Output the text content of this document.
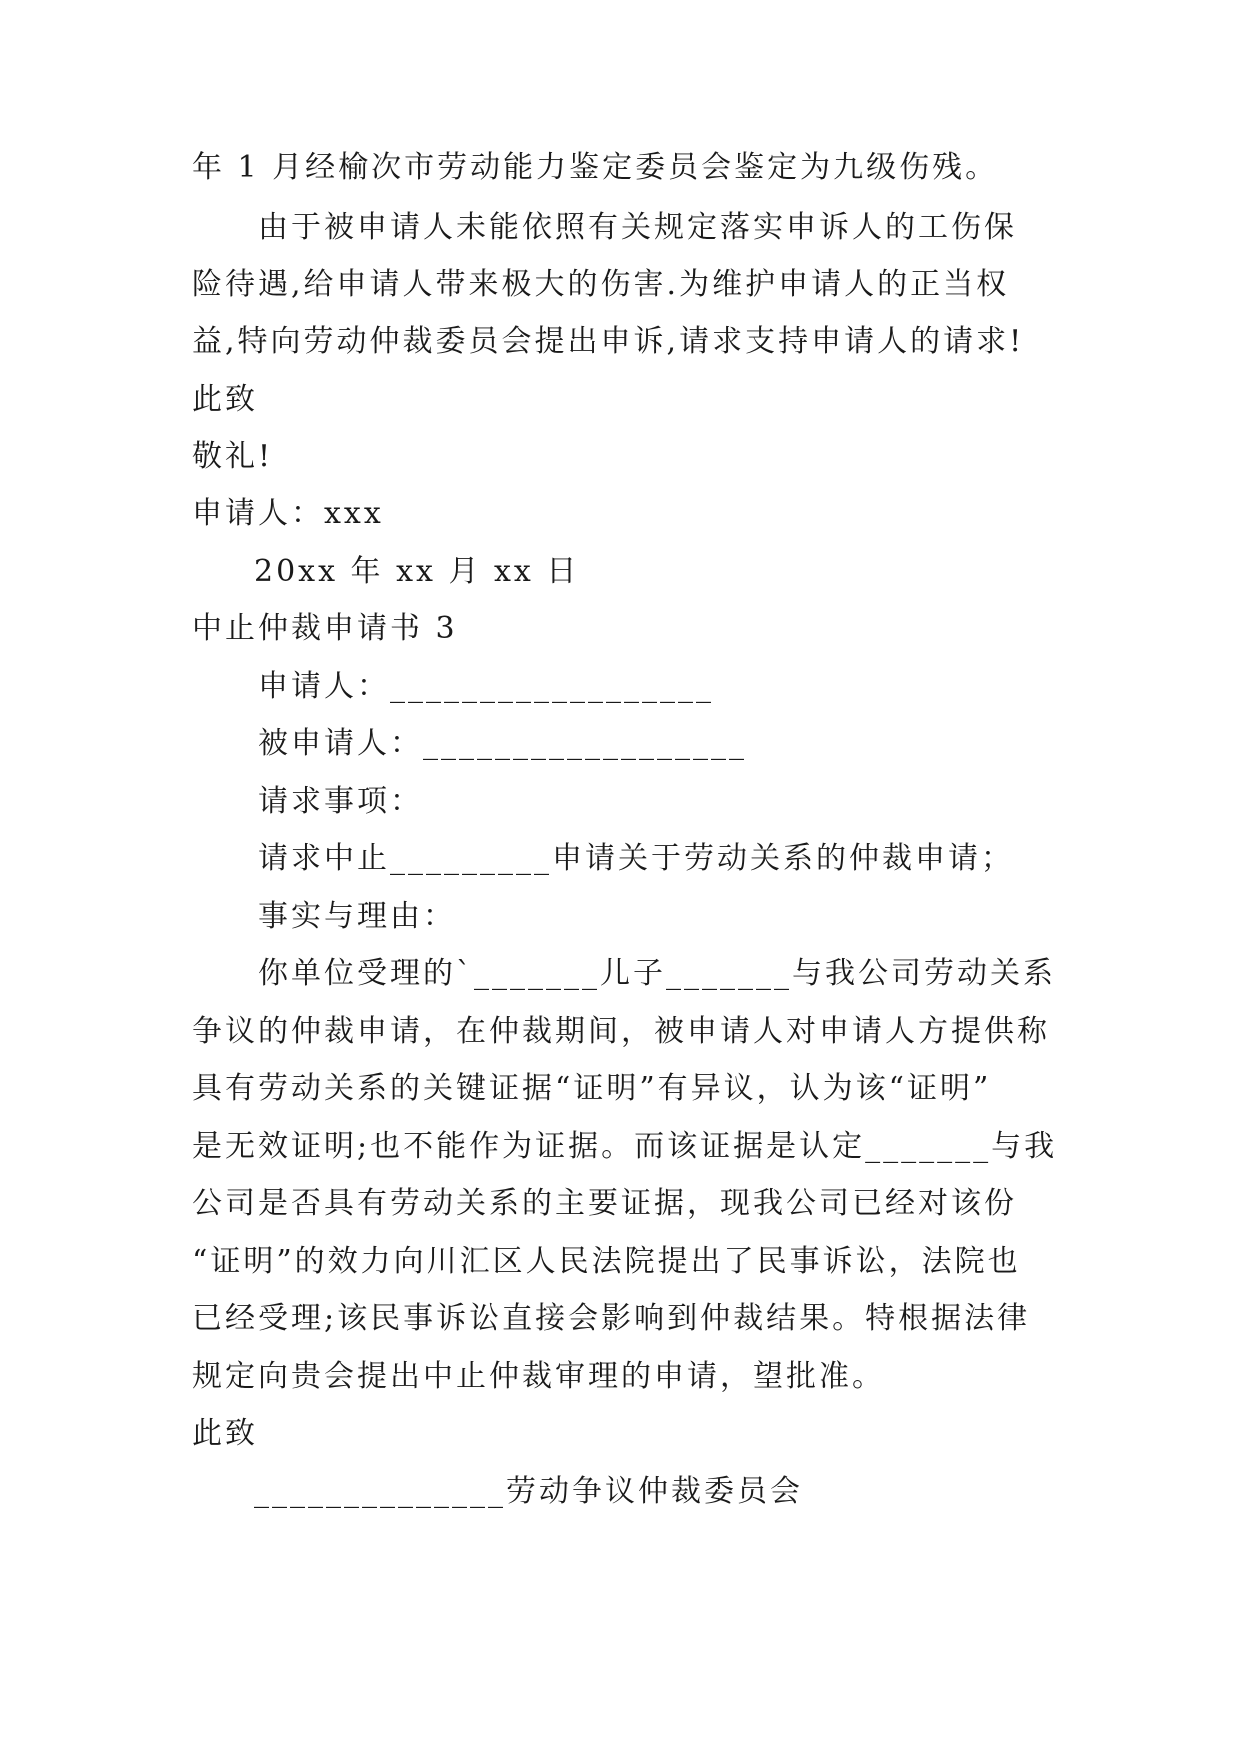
年 1 月经榆次市劳动能力鉴定委员会鉴定为九级伤残。
由于被申请人未能依照有关规定落实申诉人的工伤保
险待遇,给申请人带来极大的伤害.为维护申请人的正当权
益,特向劳动仲裁委员会提出申诉,请求支持申请人的请求!
此致
敬礼!
申请人：xxx
20xx 年 xx 月 xx 日
中止仲裁申请书 3
申请人：__________________
被申请人：__________________
请求事项：
请求中止_________申请关于劳动关系的仲裁申请；
事实与理由：
你单位受理的`_______儿子_______与我公司劳动关系
争议的仲裁申请，在仲裁期间，被申请人对申请人方提供称
具有劳动关系的关键证据“证明”有异议，认为该“证明”
是无效证明;也不能作为证据。而该证据是认定_______与我
公司是否具有劳动关系的主要证据，现我公司已经对该份
“证明”的效力向川汇区人民法院提出了民事诉讼，法院也
已经受理;该民事诉讼直接会影响到仲裁结果。特根据法律
规定向贵会提出中止仲裁审理的申请，望批准。
此致
______________劳动争议仲裁委员会
